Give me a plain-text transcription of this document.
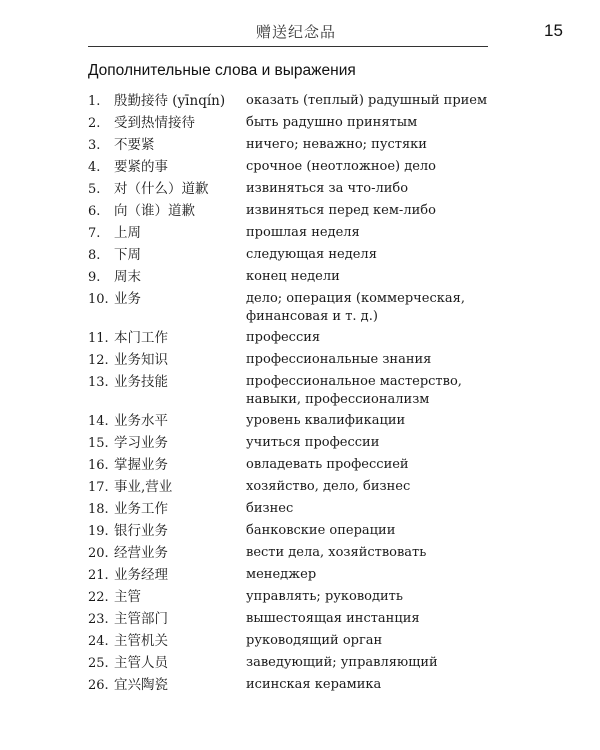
赠送纪念品	15
Дополнительные слова и выражения
1.	殷勤接待 (yīnqín) оказать (теплый) радушный прием
2.	受到热情接待	быть радушно принятым
3.	不要紧	ничего; неважно; пустяки
4.	要紧的事	срочное (неотложное) дело
5.	对（什么）道歉	извиняться за что-либо
6.	向（谁）道歉	извиняться перед кем-либо
7.	上周	прошлая неделя
8.	下周	следующая неделя
9.	周末	конец недели
10. 业务	дело; операция (коммерческая, финансовая и т. д.)
11. 本门工作	профессия
12. 业务知识	профессиональные знания
13. 业务技能	профессиональное мастерство, навыки, профессионализм
14. 业务水平	уровень квалификации
15. 学习业务	учиться профессии
16. 掌握业务	овладевать профессией
17. 事业,营业	хозяйство, дело, бизнес
18. 业务工作	бизнес
19. 银行业务	банковские операции
20. 经营业务	вести дела, хозяйствовать
21. 业务经理	менеджер
22. 主管	управлять; руководить
23. 主管部门	вышестоящая инстанция
24. 主管机关	руководящий орган
25. 主管人员	заведующий; управляющий
26. 宜兴陶瓷	исинская керамика
